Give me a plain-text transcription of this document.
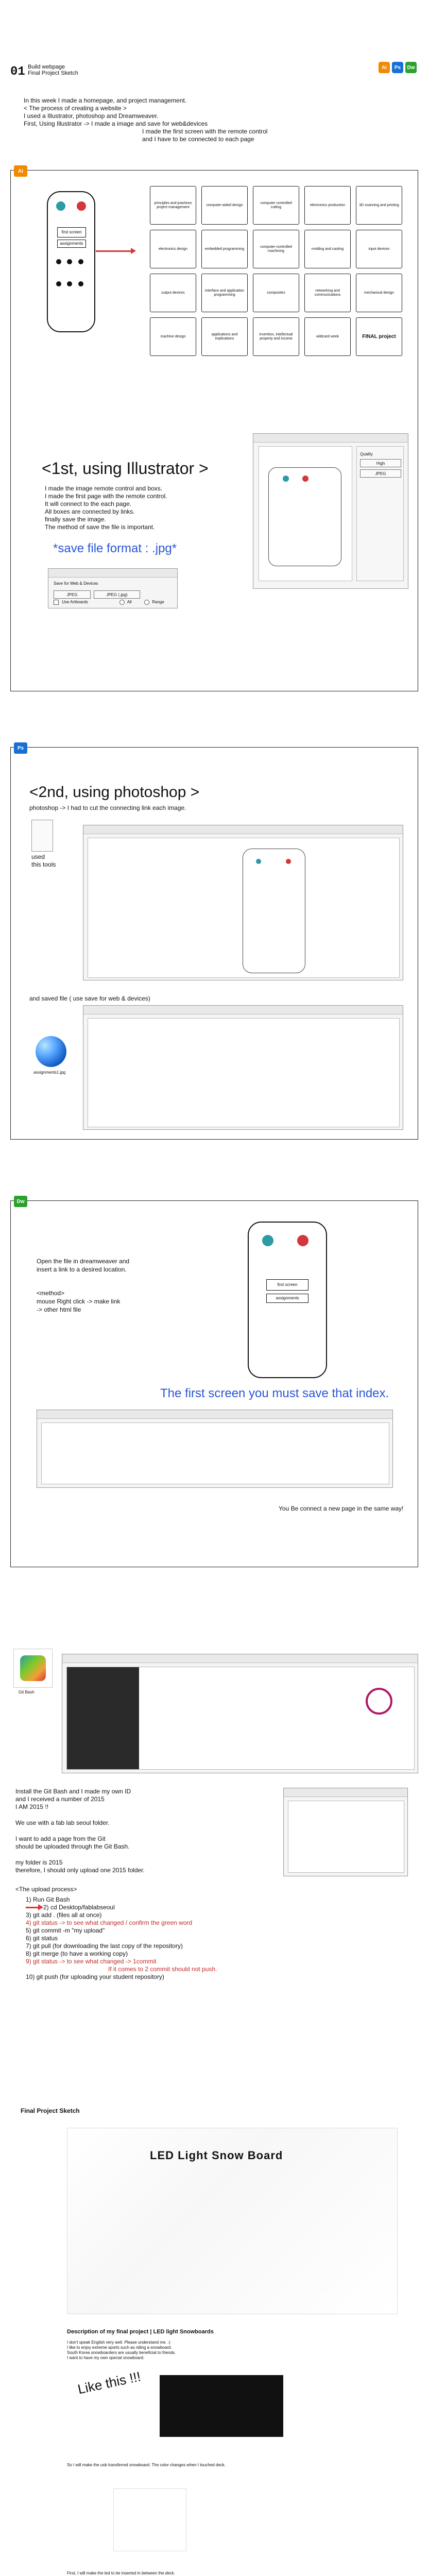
01 Build webpage
Final Project Sketch
Ai Ps Dw
In this week I made a homepage, and project management.
< The process of creating a website >
I used a Illustrator, photoshop and Dreamweaver.
First, Using Illustrator -> I made a image and save for web&devices
I made the first screen with the remote control
and I have to be connected to each page
Ai
first screen
assignments
principles and practices project management
computer-aided design
computer controlled cutting
electronics production	3D scanning and printing
electronics design	embedded programming
computer-controlled machining
molding and casting	input devices
output devices
interface and application programming
composites
networking and communications
mechanical design
machine design
applications and implications
invention, intellectual property and income
wildcard week	FINAL project
<1st, using Illustrator >
I made the image remote control and boxs.
I made the first page with the remote control.
It will connect to the each page.
All boxes are connected by links.
finally save the image.
The method of save the file is important.
*save file format : .jpg*
Save for Web & Devices
JPEG	JPEG (.jpg)
Use Artboards	All	Range
Quality
High
JPEG
Ps
<2nd, using photoshop >
photoshop -> I had to cut the connecting link each image.
used
this tools
and saved file ( use save for web & devices)
assignments1.jpg
Dw
Open the file in dreamweaver and
insert a link to a desired location.
<method>
mouse Right click -> make link
-> other html file
first screen
assignments
The first screen you must save that index.
You Be connect a new page in the same way!
Git Bash
Install the Git Bash and I made my own ID
and I received a number of 2015
I AM 2015 !!
We use with a fab lab seoul folder.
I want to add a page from the Git
should be uploaded through the Git Bash.
my folder is 2015
therefore, I should only upload one 2015 folder.
<The upload process>
1) Run Git Bash
2) cd Desktop/fablabseoul
3) git add . (files all at once)
4) git status -> to see what changed / confirm the green word
5) git commit -m "my upload"
6) git status
7) git pull (for downloading the last copy of the repository)
8) git merge (to have a working copy)
9) git status -> to see what changed -> 1commit
If it comes to 2 commit should not push.
10) git push (for uploading your student repository)
Final Project Sketch
LED Light Snow Board
Description of my final project | LED light Snowboards
I don't speak English very well. Please understand me. :)
I like to enjoy extreme sports such as riding a snowboard.
South Korea snowboarders are usually beneficial to friends.
I want to have my own special snowboard.
Like this !!!
So I will make the usb transferred snowboard. The color changes when I touched deck.
First, I will make the led to be inserted in between the deck.
